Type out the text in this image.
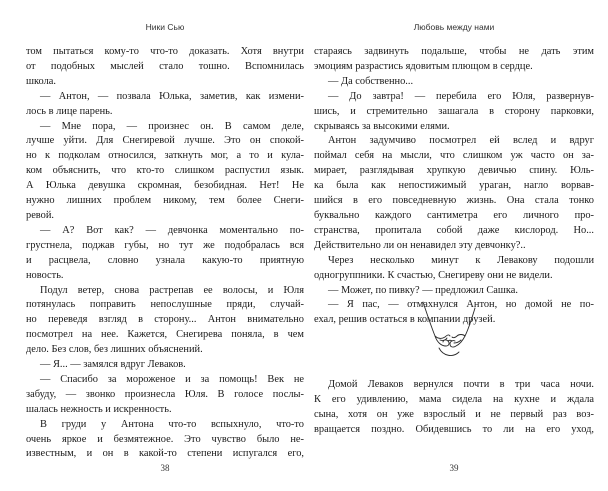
Ники Сью
том пытаться кому-то что-то доказать. Хотя внутри
от подобных мыслей стало тошно. Вспомнилась
школа.
— Антон, — позвала Юлька, заметив, как измени-
лось в лице парень.
— Мне пора, — произнес он. В самом деле,
лучше уйти. Для Снегиревой лучше. Это он спокой-
но к подколам относился, заткнуть мог, а то и кула-
ком объяснить, что кто-то слишком распустил язык.
А Юлька девушка скромная, безобидная. Нет! Не
нужно лишних проблем никому, тем более Снеги-
ревой.
— А? Вот как? — девчонка моментально по-
грустнела, поджав губы, но тут же подобралась вся
и расцвела, словно узнала какую-то приятную
новость.
Подул ветер, снова растрепав ее волосы, и Юля
потянулась поправить непослушные пряди, случай-
но переведя взгляд в сторону... Антон внимательно
посмотрел на нее. Кажется, Снегирева поняла, в чем
дело. Без слов, без лишних объяснений.
— Я... — замялся вдруг Леваков.
— Спасибо за мороженое и за помощь! Век не
забуду, — звонко произнесла Юля. В голосе послы-
шалась нежность и искренность.
В груди у Антона что-то вспыхнуло, что-то
очень яркое и безмятежное. Это чувство было не-
известным, и он в какой-то степени испугался его,
38
Любовь между нами
стараясь задвинуть подальше, чтобы не дать этим
эмоциям разрастись ядовитым плющом в сердце.
— Да собственно...
— До завтра! — перебила его Юля, развернув-
шись, и стремительно зашагала в сторону парковки,
скрываясь за высокими елями.
Антон задумчиво посмотрел ей вслед и вдруг
поймал себя на мысли, что слишком уж часто он за-
мирает, разглядывая хрупкую девичью спину. Юль-
ка была как непостижимый ураган, нагло ворвав-
шийся в его повседневную жизнь. Она стала тонко
буквально каждого сантиметра его личного про-
странства, пропитала собой даже кислород. Но...
Действительно ли он ненавидел эту девчонку?..
Через несколько минут к Левакову подошли
одногруппники. К счастью, Снегиреву они не видели.
— Может, по пивку? — предложил Сашка.
— Я пас, — отмахнулся Антон, но домой не по-
ехал, решив остаться в компании друзей.
Домой Леваков вернулся почти в три часа ночи.
К его удивлению, мама сидела на кухне и ждала
сына, хотя он уже взрослый и не первый раз воз-
вращается поздно. Обидевшись то ли на его уход,
39
